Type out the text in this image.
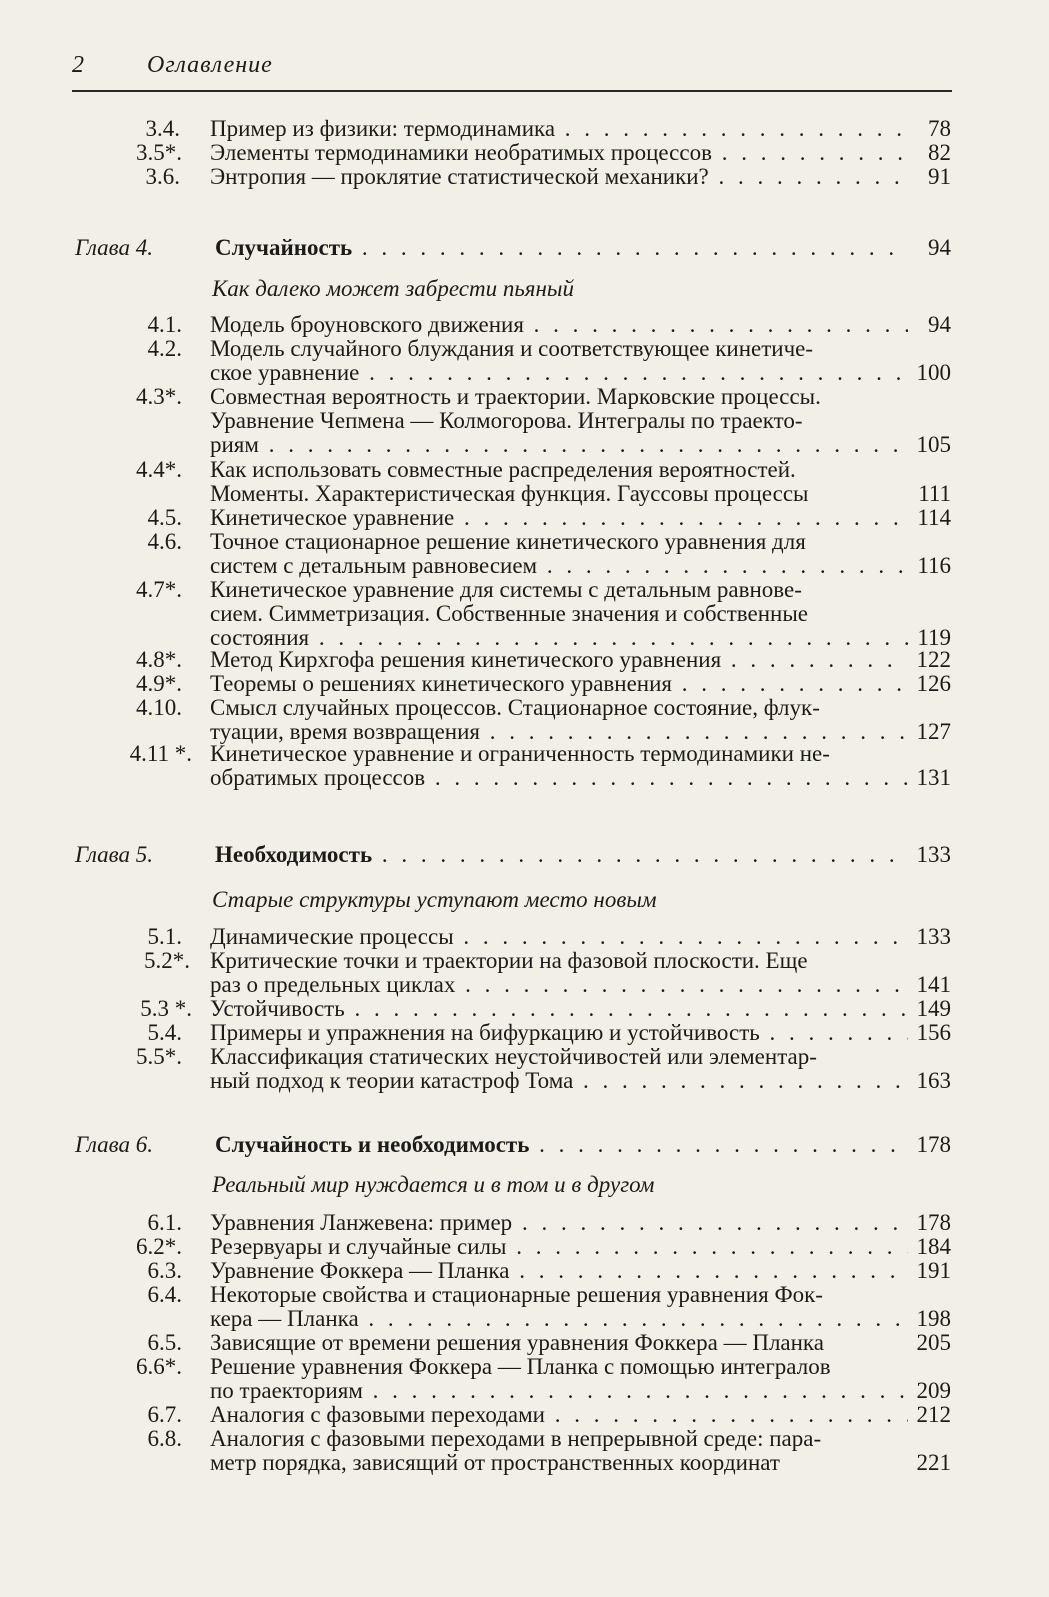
2	Оглавление
3.4. Пример из физики: термодинамика . . .	78
3.5*. Элементы термодинамики необратимых процессов . . .	82
3.6. Энтропия — проклятие статистической механики? . . .	91
Глава 4.	Случайность . . .	94
Как далеко может забрести пьяный
4.1. Модель броуновского движения . . .	94
4.2. Модель случайного блуждания и соответствующее кинетиче-
ское уравнение . . .	100
4.3*. Совместная вероятность и траектории. Марковские процессы.
Уравнение Чепмена — Колмогорова. Интегралы по траекто-
риям . . .	105
4.4*. Как использовать совместные распределения вероятностей.
Моменты. Характеристическая функция. Гауссовы процессы	111
4.5. Кинетическое уравнение . . .	114
4.6. Точное стационарное решение кинетического уравнения для
систем с детальным равновесием . . .	116
4.7*. Кинетическое уравнение для системы с детальным равнове-
сием. Симметризация. Собственные значения и собственные
состояния . . .	119
4.8*. Метод Кирхгофа решения кинетического уравнения . . .	122
4.9*. Теоремы о решениях кинетического уравнения . . .	126
4.10. Смысл случайных процессов. Стационарное состояние, флук-
туации, время возвращения . . .	127
4.11 *. Кинетическое уравнение и ограниченность термодинамики не-
обратимых процессов . . .	131
Глава 5.	Необходимость . . .	133
Старые структуры уступают место новым
5.1. Динамические процессы . . .	133
5.2*. Критические точки и траектории на фазовой плоскости. Еще
раз о предельных циклах . . .	141
5.3 *. Устойчивость . . .	149
5.4. Примеры и упражнения на бифуркацию и устойчивость . . .	156
5.5*. Классификация статических неустойчивостей или элементар-
ный подход к теории катастроф Тома . . .	163
Глава 6.	Случайность и необходимость . . .	178
Реальный мир нуждается и в том и в другом
6.1. Уравнения Ланжевена: пример . . .	178
6.2*. Резервуары и случайные силы . . .	184
6.3. Уравнение Фоккера — Планка . . .	191
6.4. Некоторые свойства и стационарные решения уравнения Фок-
кера — Планка . . .	198
6.5. Зависящие от времени решения уравнения Фоккера — Планка	205
6.6*. Решение уравнения Фоккера — Планка с помощью интегралов
по траекториям . . .	209
6.7. Аналогия с фазовыми переходами . . .	212
6.8. Аналогия с фазовыми переходами в непрерывной среде: пара-
метр порядка, зависящий от пространственных координат	221
